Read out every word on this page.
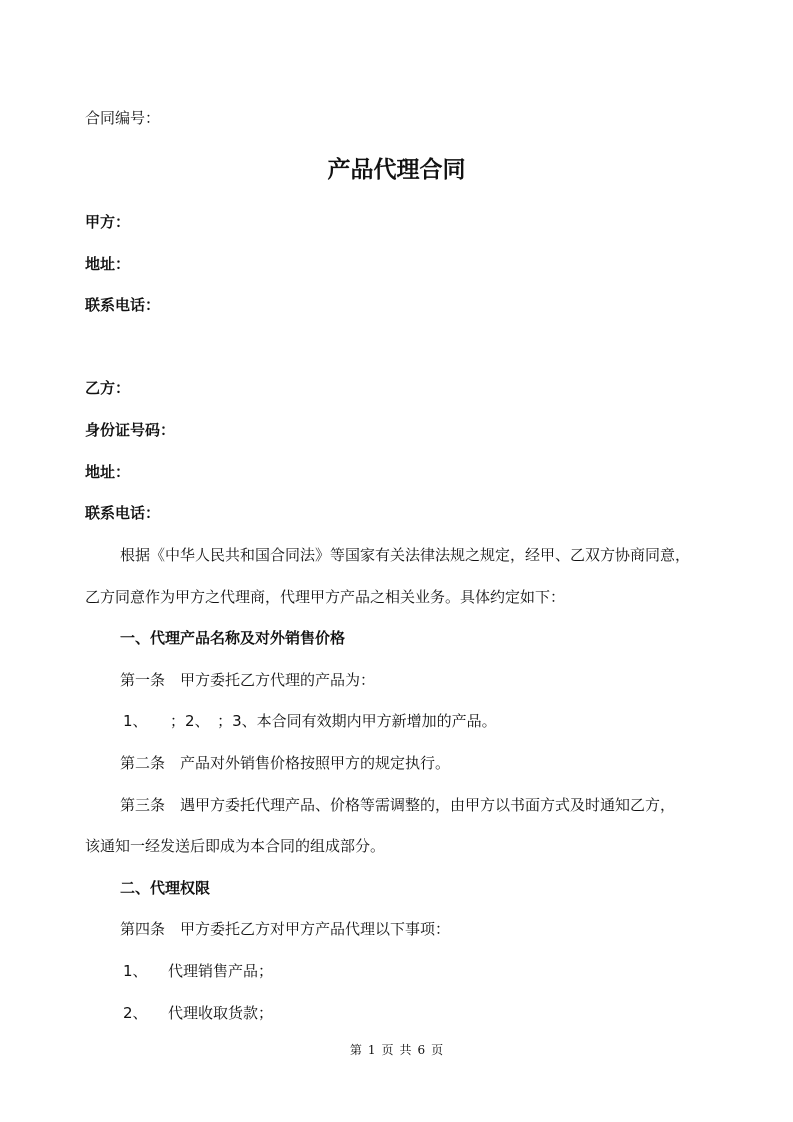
合同编号：
产品代理合同
甲方：
地址：
联系电话：
乙方：
身份证号码：
地址：
联系电话：
根据《中华人民共和国合同法》等国家有关法律法规之规定，经甲、乙双方协商同意，
乙方同意作为甲方之代理商，代理甲方产品之相关业务。具体约定如下：
一、代理产品名称及对外销售价格
第一条　甲方委托乙方代理的产品为：
1、　　；2、　；3、本合同有效期内甲方新增加的产品。
第二条　产品对外销售价格按照甲方的规定执行。
第三条　遇甲方委托代理产品、价格等需调整的，由甲方以书面方式及时通知乙方，
该通知一经发送后即成为本合同的组成部分。
二、代理权限
第四条　甲方委托乙方对甲方产品代理以下事项：
1、 代理销售产品；
2、 代理收取货款；
第 1 页 共 6 页
